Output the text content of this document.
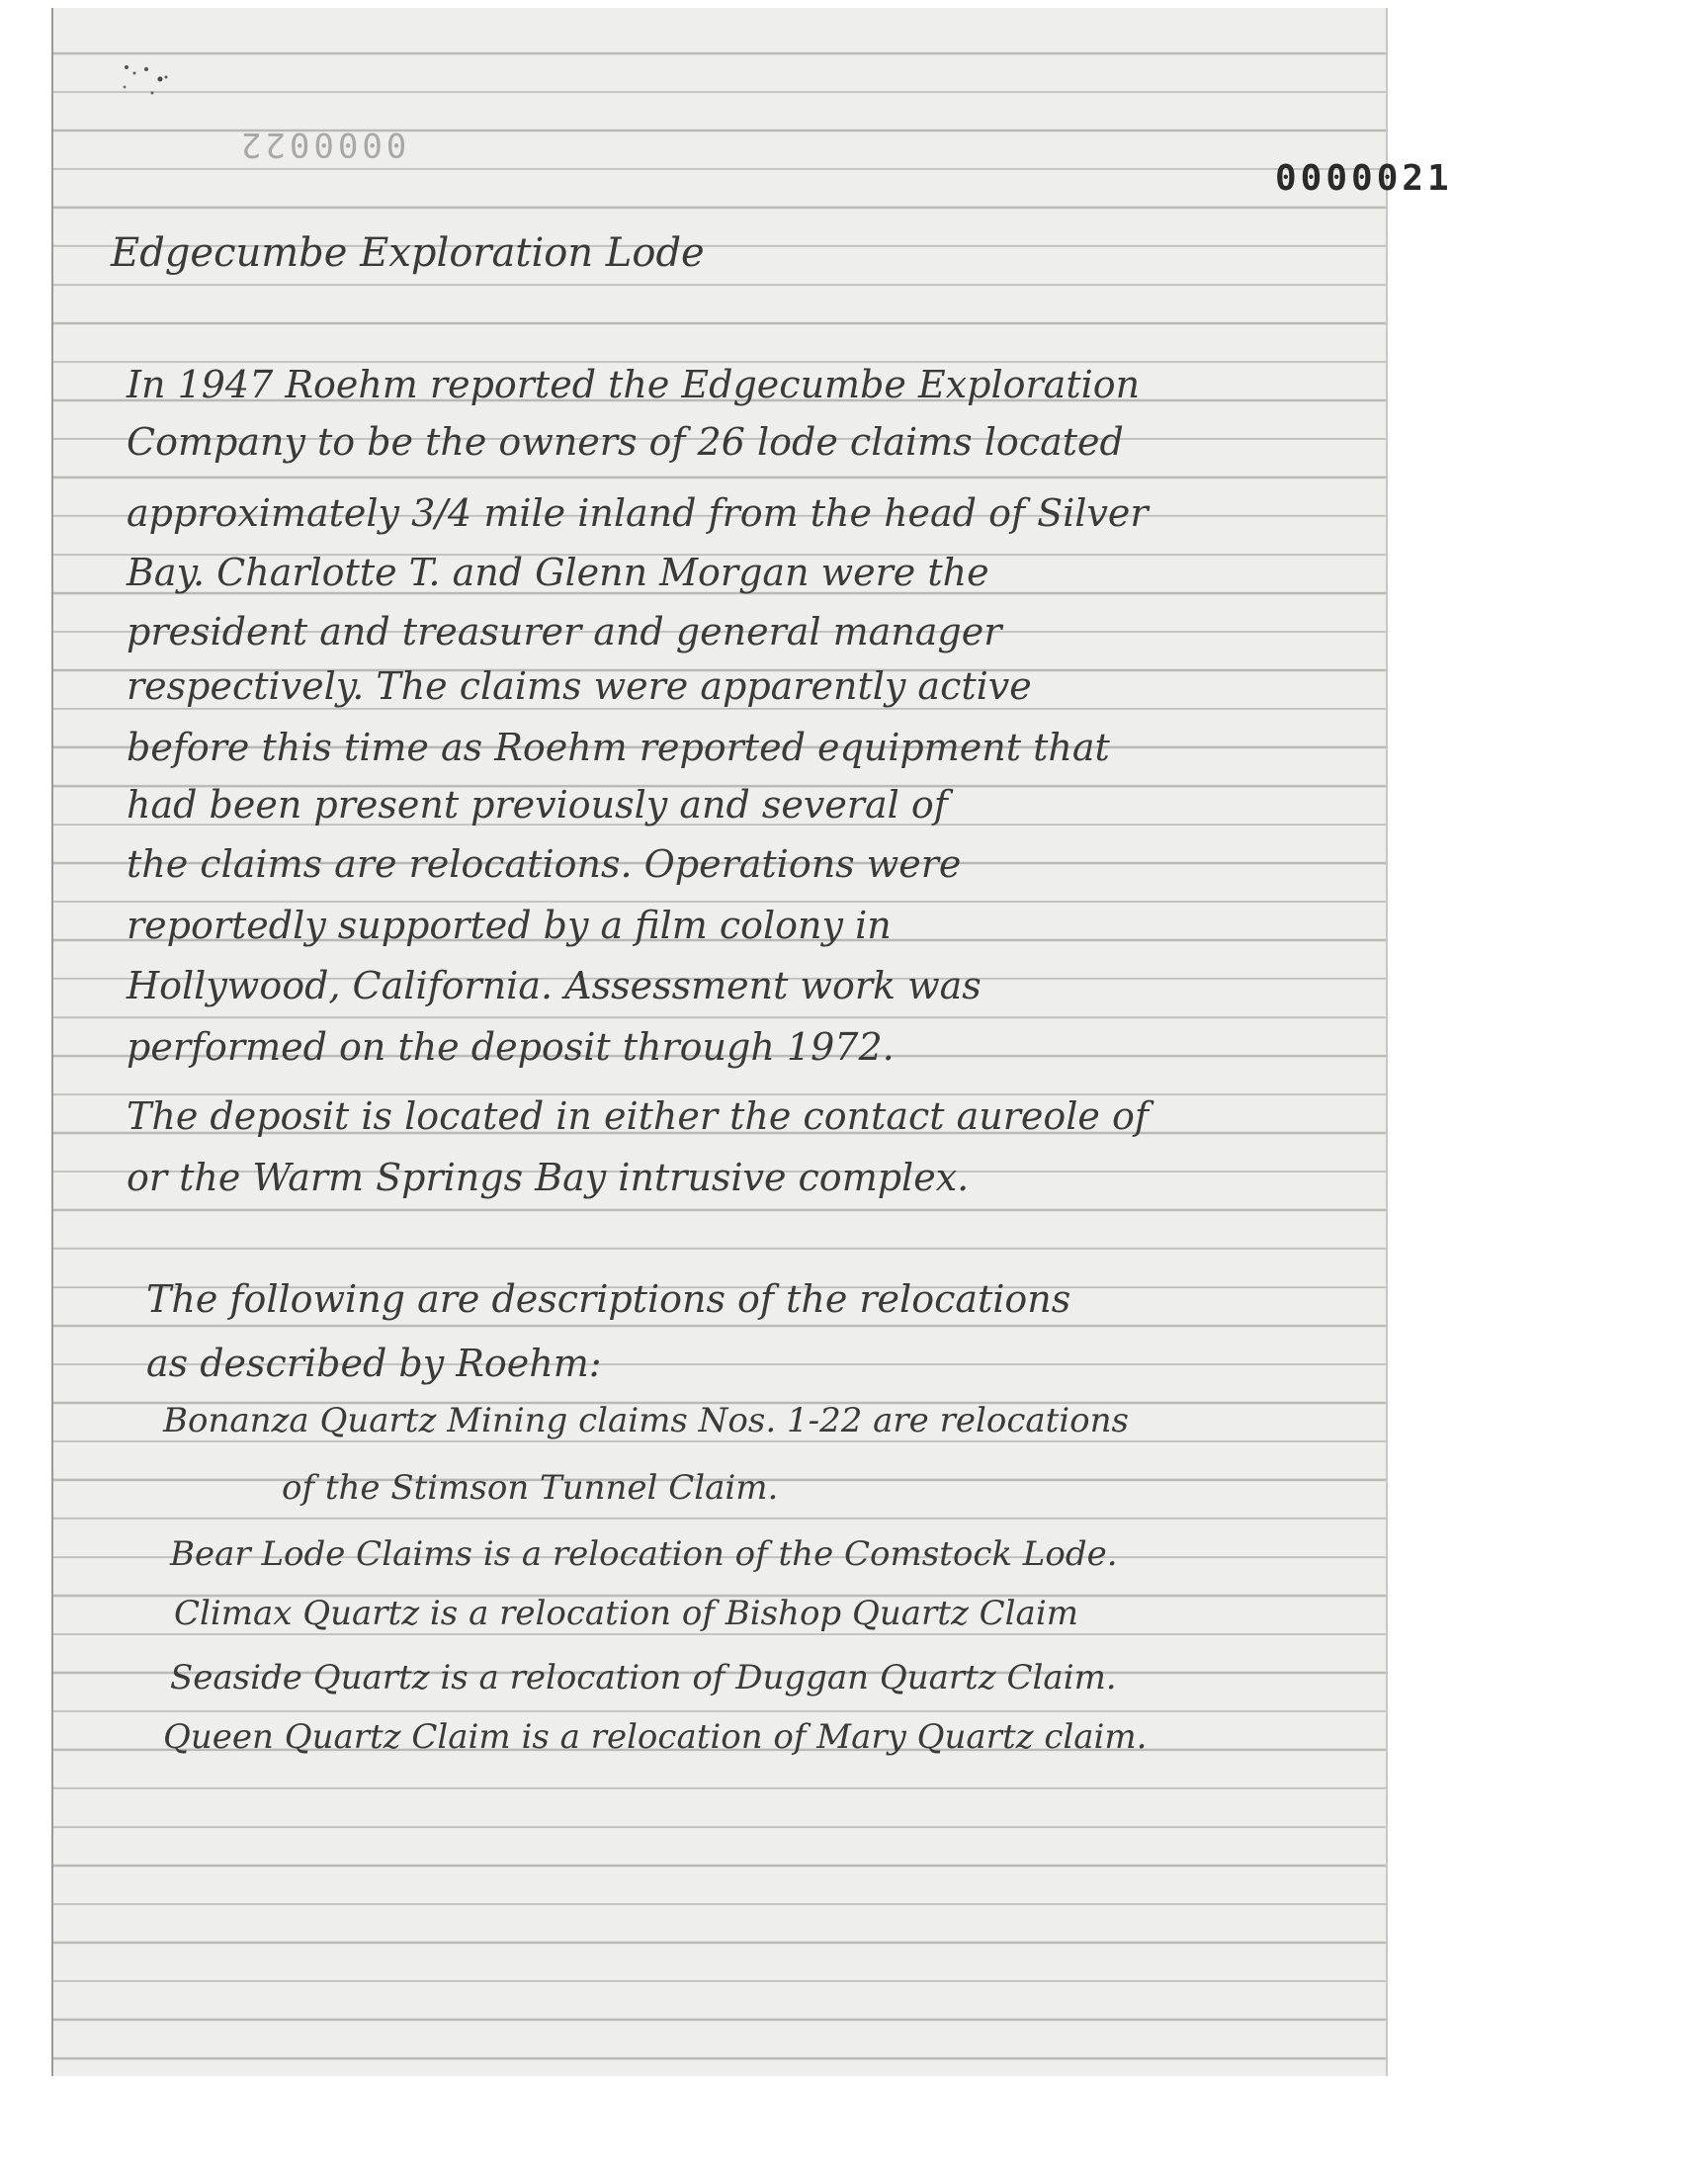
0000022
0000021
Edgecumbe Exploration Lode
In 1947 Roehm reported the Edgecumbe Exploration
Company to be the owners of 26 lode claims located
approximately 3/4 mile inland from the head of Silver
Bay. Charlotte T. and Glenn Morgan were the
president and treasurer and general manager
respectively. The claims were apparently active
before this time as Roehm reported equipment that
had been present previously and several of
the claims are relocations. Operations were
reportedly supported by a film colony in
Hollywood, California. Assessment work was
performed on the deposit through 1972.
The deposit is located in either the contact aureole of
or the Warm Springs Bay intrusive complex.
The following are descriptions of the relocations
as described by Roehm:
Bonanza Quartz Mining claims Nos. 1-22 are relocations
of the Stimson Tunnel Claim.
Bear Lode Claims is a relocation of the Comstock Lode.
Climax Quartz is a relocation of Bishop Quartz Claim
Seaside Quartz is a relocation of Duggan Quartz Claim.
Queen Quartz Claim is a relocation of Mary Quartz claim.
